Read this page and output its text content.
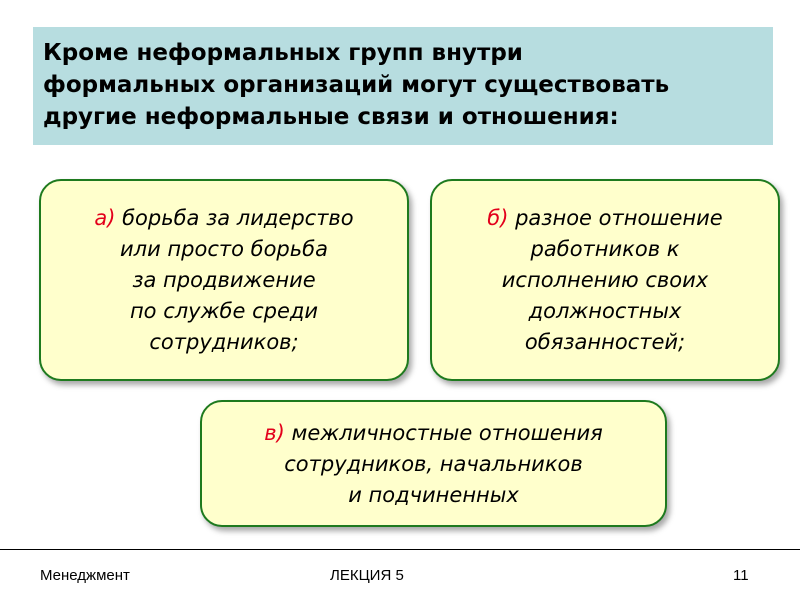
Кроме неформальных групп внутри
формальных организаций могут существовать
другие неформальные связи и отношения:
а) борьба за лидерство
или просто борьба
за продвижение
по службе среди
сотрудников;
б) разное отношение
работников к
исполнению своих
должностных
обязанностей;
в) межличностные отношения
сотрудников, начальников
и подчиненных
Менеджмент	ЛЕКЦИЯ 5	11
